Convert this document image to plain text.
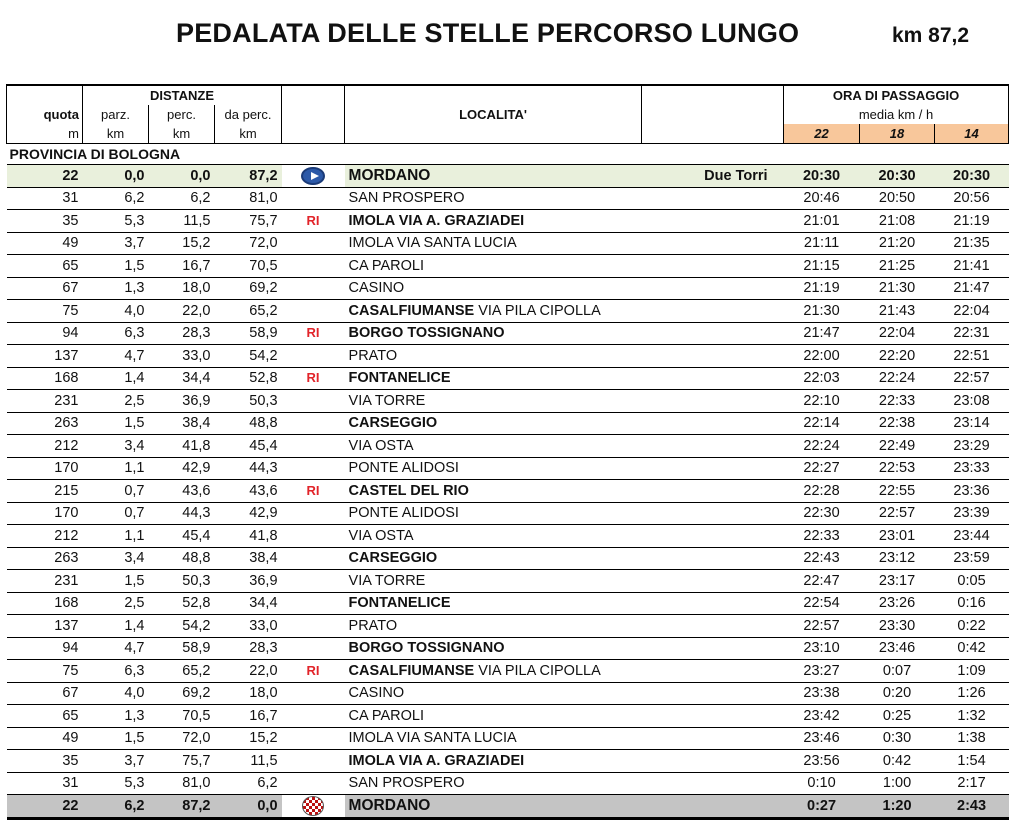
PEDALATA DELLE STELLE PERCORSO LUNGO	km 87,2
	DISTANZE						ORA DI PASSAGGIO		
quota	parz.	perc.	da perc.		LOCALITA'		media km / h		
m	km	km	km				22	18	14
PROVINCIA DI BOLOGNA									
22	0,0	0,0	87,2		MORDANO	Due Torri	20:30	20:30	20:30
31	6,2	6,2	81,0		SAN PROSPERO		20:46	20:50	20:56
35	5,3	11,5	75,7	RI	IMOLA VIA A. GRAZIADEI		21:01	21:08	21:19
49	3,7	15,2	72,0		IMOLA VIA SANTA LUCIA		21:11	21:20	21:35
65	1,5	16,7	70,5		CA PAROLI		21:15	21:25	21:41
67	1,3	18,0	69,2		CASINO		21:19	21:30	21:47
75	4,0	22,0	65,2		CASALFIUMANSE VIA PILA CIPOLLA		21:30	21:43	22:04
94	6,3	28,3	58,9	RI	BORGO TOSSIGNANO		21:47	22:04	22:31
137	4,7	33,0	54,2		PRATO		22:00	22:20	22:51
168	1,4	34,4	52,8	RI	FONTANELICE		22:03	22:24	22:57
231	2,5	36,9	50,3		VIA TORRE		22:10	22:33	23:08
263	1,5	38,4	48,8		CARSEGGIO		22:14	22:38	23:14
212	3,4	41,8	45,4		VIA OSTA		22:24	22:49	23:29
170	1,1	42,9	44,3		PONTE ALIDOSI		22:27	22:53	23:33
215	0,7	43,6	43,6	RI	CASTEL DEL RIO		22:28	22:55	23:36
170	0,7	44,3	42,9		PONTE ALIDOSI		22:30	22:57	23:39
212	1,1	45,4	41,8		VIA OSTA		22:33	23:01	23:44
263	3,4	48,8	38,4		CARSEGGIO		22:43	23:12	23:59
231	1,5	50,3	36,9		VIA TORRE		22:47	23:17	0:05
168	2,5	52,8	34,4		FONTANELICE		22:54	23:26	0:16
137	1,4	54,2	33,0		PRATO		22:57	23:30	0:22
94	4,7	58,9	28,3		BORGO TOSSIGNANO		23:10	23:46	0:42
75	6,3	65,2	22,0	RI	CASALFIUMANSE VIA PILA CIPOLLA		23:27	0:07	1:09
67	4,0	69,2	18,0		CASINO		23:38	0:20	1:26
65	1,3	70,5	16,7		CA PAROLI		23:42	0:25	1:32
49	1,5	72,0	15,2		IMOLA VIA SANTA LUCIA		23:46	0:30	1:38
35	3,7	75,7	11,5		IMOLA VIA A. GRAZIADEI		23:56	0:42	1:54
31	5,3	81,0	6,2		SAN PROSPERO		0:10	1:00	2:17
22	6,2	87,2	0,0		MORDANO		0:27	1:20	2:43
